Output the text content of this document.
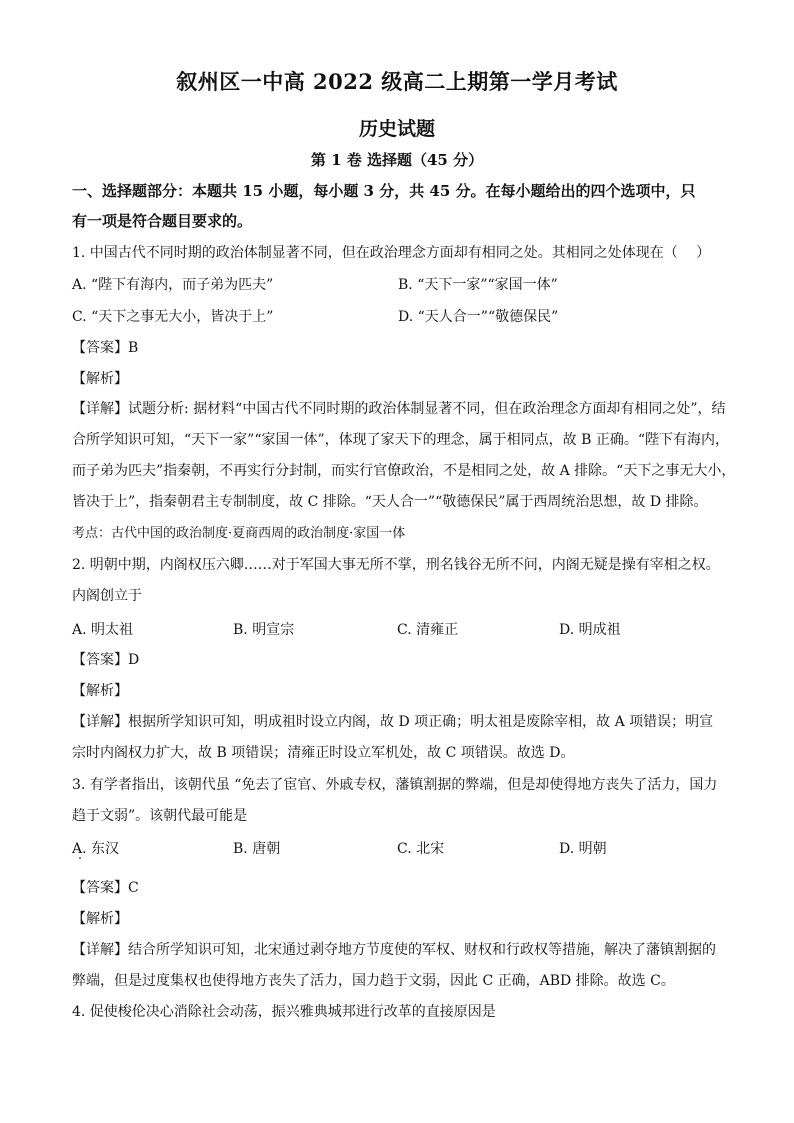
叙州区一中高 2022 级高二上期第一学月考试
历史试题
第 1 卷 选择题（45 分）
一、选择题部分：本题共 15 小题，每小题 3 分，共 45 分。在每小题给出的四个选项中，只
有一项是符合题目要求的。
1. 中国古代不同时期的政治体制显著不同，但在政治理念方面却有相同之处。其相同之处体现在（　 ）
A. “陛下有海内，而子弟为匹夫”	B. “天下一家”“家国一体”
C. “天下之事无大小，皆决于上”	D. “天人合一”“敬德保民”
【答案】B
【解析】
【详解】试题分析: 据材料“中国古代不同时期的政治体制显著不同，但在政治理念方面却有相同之处”，结
合所学知识可知，“天下一家”“家国一体”，体现了家天下的理念，属于相同点，故 B 正确。“陛下有海内，
而子弟为匹夫”指秦朝，不再实行分封制，而实行官僚政治，不是相同之处，故 A 排除。“天下之事无大小，
皆决于上”，指秦朝君主专制制度，故 C 排除。“天人合一”“敬德保民”属于西周统治思想，故 D 排除。
考点：古代中国的政治制度·夏商西周的政治制度·家国一体
2. 明朝中期，内阁权压六卿……对于军国大事无所不掌，刑名钱谷无所不问，内阁无疑是操有宰相之权。
内阁创立于
A. 明太祖	B. 明宣宗	C. 清雍正	D. 明成祖
【答案】D
【解析】
【详解】根据所学知识可知，明成祖时设立内阁，故 D 项正确；明太祖是废除宰相，故 A 项错误；明宣
宗时内阁权力扩大，故 B 项错误；清雍正时设立军机处，故 C 项错误。故选 D。
3. 有学者指出，该朝代虽 “免去了宦官、外戚专权，藩镇割据的弊端，但是却使得地方丧失了活力，国力
趋于文弱”。该朝代最可能是
A. 东汉	B. 唐朝	C. 北宋	D. 明朝
【答案】C
【解析】
【详解】结合所学知识可知，北宋通过剥夺地方节度使的军权、财权和行政权等措施，解决了藩镇割据的
弊端，但是过度集权也使得地方丧失了活力，国力趋于文弱，因此 C 正确，ABD 排除。故选 C。
4. 促使梭伦决心消除社会动荡，振兴雅典城邦进行改革的直接原因是
